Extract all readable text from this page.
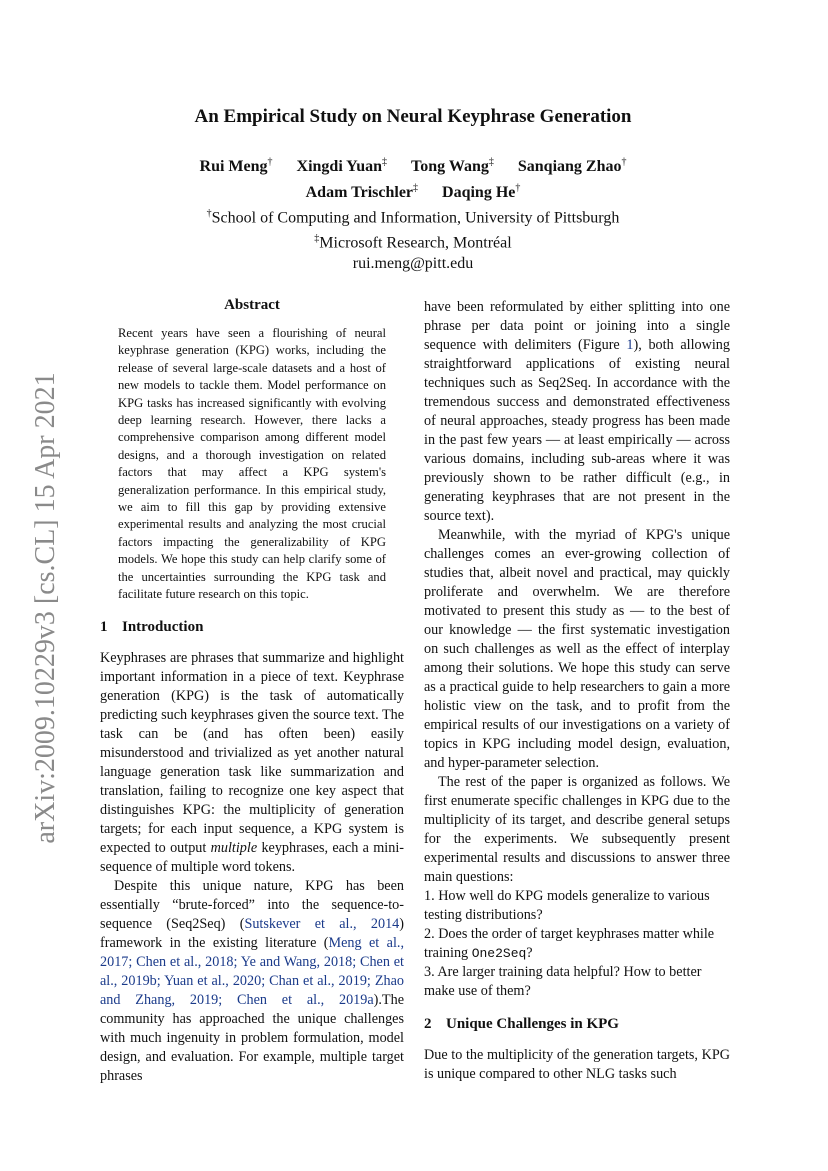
arXiv:2009.10229v3 [cs.CL] 15 Apr 2021
An Empirical Study on Neural Keyphrase Generation
Rui Meng† Xingdi Yuan‡ Tong Wang‡ Sanqiang Zhao†
Adam Trischler‡ Daqing He†
†School of Computing and Information, University of Pittsburgh
‡Microsoft Research, Montréal
rui.meng@pitt.edu
Abstract

Recent years have seen a flourishing of neural keyphrase generation (KPG) works, including the release of several large-scale datasets and a host of new models to tackle them. Model performance on KPG tasks has increased significantly with evolving deep learning research. However, there lacks a comprehensive comparison among different model designs, and a thorough investigation on related factors that may affect a KPG system's generalization performance. In this empirical study, we aim to fill this gap by providing extensive experimental results and analyzing the most crucial factors impacting the generalizability of KPG models. We hope this study can help clarify some of the uncertainties surrounding the KPG task and facilitate future research on this topic.

1 Introduction

Keyphrases are phrases that summarize and highlight important information in a piece of text. Keyphrase generation (KPG) is the task of automatically predicting such keyphrases given the source text. The task can be (and has often been) easily misunderstood and trivialized as yet another natural language generation task like summarization and translation, failing to recognize one key aspect that distinguishes KPG: the multiplicity of generation targets; for each input sequence, a KPG system is expected to output multiple keyphrases, each a mini-sequence of multiple word tokens.

Despite this unique nature, KPG has been essentially “brute-forced” into the sequence-to-sequence (Seq2Seq) (Sutskever et al., 2014) framework in the existing literature (Meng et al., 2017; Chen et al., 2018; Ye and Wang, 2018; Chen et al., 2019b; Yuan et al., 2020; Chan et al., 2019; Zhao and Zhang, 2019; Chen et al., 2019a).The community has approached the unique challenges with much ingenuity in problem formulation, model design, and evaluation. For example, multiple target phrases

have been reformulated by either splitting into one phrase per data point or joining into a single sequence with delimiters (Figure 1), both allowing straightforward applications of existing neural techniques such as Seq2Seq. In accordance with the tremendous success and demonstrated effectiveness of neural approaches, steady progress has been made in the past few years — at least empirically — across various domains, including sub-areas where it was previously shown to be rather difficult (e.g., in generating keyphrases that are not present in the source text).

Meanwhile, with the myriad of KPG's unique challenges comes an ever-growing collection of studies that, albeit novel and practical, may quickly proliferate and overwhelm. We are therefore motivated to present this study as — to the best of our knowledge — the first systematic investigation on such challenges as well as the effect of interplay among their solutions. We hope this study can serve as a practical guide to help researchers to gain a more holistic view on the task, and to profit from the empirical results of our investigations on a variety of topics in KPG including model design, evaluation, and hyper-parameter selection.

The rest of the paper is organized as follows. We first enumerate specific challenges in KPG due to the multiplicity of its target, and describe general setups for the experiments. We subsequently present experimental results and discussions to answer three main questions:

1. How well do KPG models generalize to various testing distributions?

2. Does the order of target keyphrases matter while training One2Seq?

3. Are larger training data helpful? How to better make use of them?

2 Unique Challenges in KPG

Due to the multiplicity of the generation targets, KPG is unique compared to other NLG tasks such
